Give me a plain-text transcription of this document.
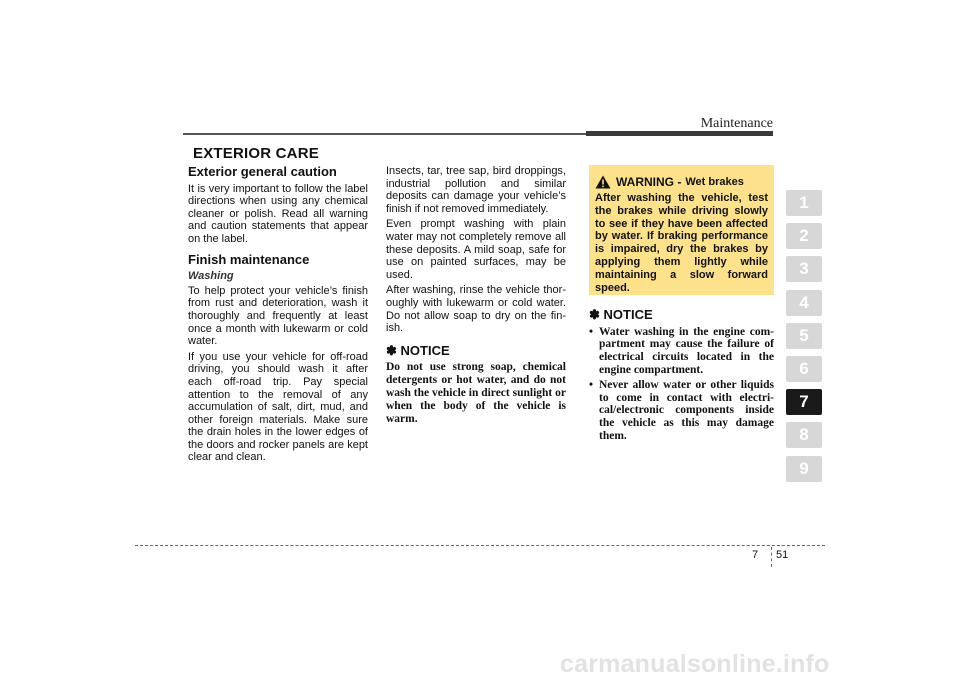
Maintenance
EXTERIOR CARE
Exterior general caution

It is very important to follow the label directions when using any chemical cleaner or polish. Read all warning and caution statements that appear on the label.

Finish maintenance

Washing

To help protect your vehicle’s finish from rust and deterioration, wash it thoroughly and frequently at least once a month with lukewarm or cold water.

If you use your vehicle for off-road driving, you should wash it after each off-road trip. Pay special attention to the removal of any accumulation of salt, dirt, mud, and other foreign materials. Make sure the drain holes in the lower edges of the doors and rocker panels are kept clear and clean.

Insects, tar, tree sap, bird droppings, industrial pollution and similar deposits can damage your vehicle’s finish if not removed immediately.

Even prompt washing with plain water may not completely remove all these deposits. A mild soap, safe for use on painted surfaces, may be used.

After washing, rinse the vehicle thor-oughly with lukewarm or cold water. Do not allow soap to dry on the fin-ish.

✽ NOTICE

Do not use strong soap, chemical detergents or hot water, and do not wash the vehicle in direct sunlight or when the body of the vehicle is warm.

WARNING - Wet brakes

After washing the vehicle, test the brakes while driving slowly to see if they have been affected by water. If braking performance is impaired, dry the brakes by applying them lightly while maintaining a slow forward speed.

✽ NOTICE
• Water washing in the engine com-partment may cause the failure of electrical circuits located in the engine compartment.
• Never allow water or other liquids to come in contact with electri-cal/electronic components inside the vehicle as this may damage them.
1
2
3
4
5
6
7
8
9
7 51
carmanualsonline.info
